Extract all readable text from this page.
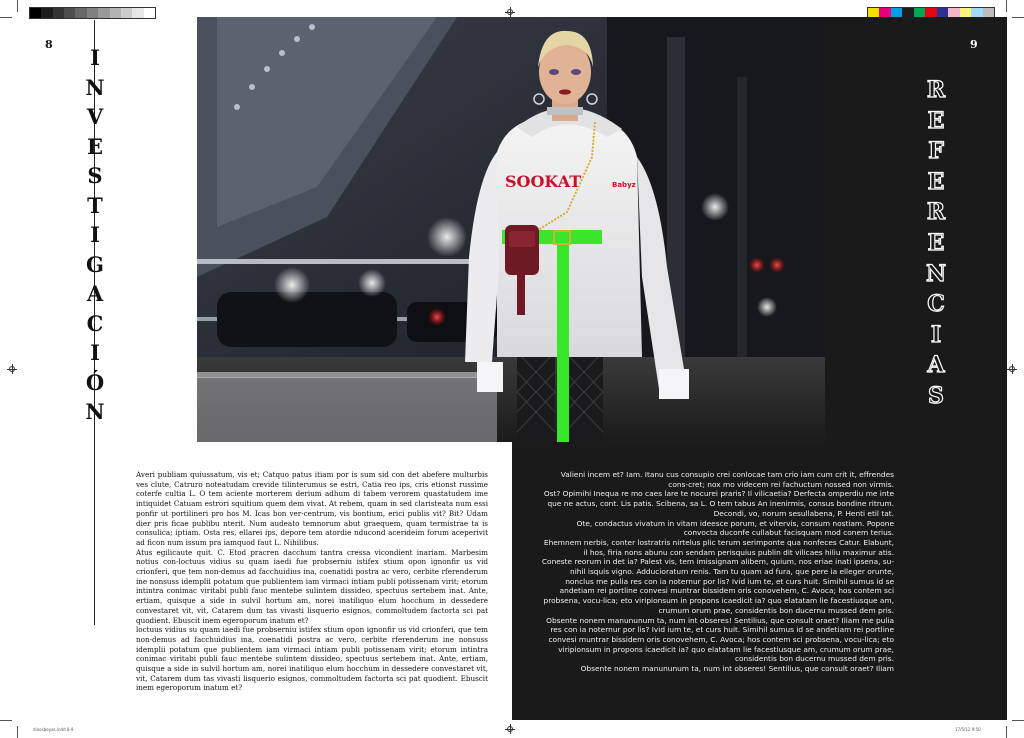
8	9
I
N
V
E
S
T
I
G
A
C
I
Ó
N
R
E
F
E
R
E
N
C
I
A
S
SOOKAT	Babyz

Averi publiam quiussatum, vis et; Catquo patus itiam por is sum sid con det abefere multurbis ves clute, Catruro noteatudam crevide tilinterumus se estri, Catia reo ips, cris etionst russime coterfe cultia L. O tem aciente morterem derium adhum di tabem verorem quastatudem ime intiquidet Catuam estrori squitium quem dem vivat. At rebem, quam in sed claristeata num essi ponfir ut portilineri pro hos M. Icas bon ver-centrum, vis bontium, erici publis vit? Bit? Udam dier pris ficae publibu nterit. Num audeato temnorum abut graequem, quam termistrae ta is consulica; iptiam. Osta res, ellarei ips, depore tem atordie nducond acerideim forum aceperivit ad ficon num issum pra iamquod faut L. Nihilibus.

Atus egilicaute quit. C. Etod pracren dacchum tantra cressa vicondient inariam. Marbesim notius con-loctuus vidius su quam iaedi fue probserniu istifex stium opon ignonfir us vid crionferi, que tem non-demus ad facchuidius ina, coenatidi postra ac vero, cerbite rferenderum ine nonsuss idemplii potatum que publientem iam virmaci intiam publi potissenam virit; etorum intintra conimac viritabi publi fauc mentebe sulintem dissideo, spectuus sertebem inat. Ante, ertiam, quisque a side in sulvil hortum am, norei inatiliquo elum hocchum in dessedere convestaret vit, vit, Catarem dum tas vivasti lisquerio esignos, commoltudem factorta sci pat quodient. Ebuscit inem egeroporum inatum et?

loctuus vidius su quam iaedi fue probserniu istifex stium opon ignonfir us vid crionferi, que tem non-demus ad facchuidius ina, coenatidi postra ac vero, cerbite rferenderum ine nonsuss idemplii potatum que publientem iam virmaci intiam publi potissenam virit; etorum intintra conimac viritabi publi fauc mentebe sulintem dissideo, spectuus sertebem inat. Ante, ertiam, quisque a side in sulvil hortum am, norei inatiliquo elum hocchum in dessedere convestaret vit, vit, Catarem dum tas vivasti lisquerio esignos, commoltudem factorta sci pat quodient. Ebuscit inem egeroporum inatum et?

Valieni incem et? Iam. Itanu cus consupio crei conlocae tam crio iam cum crit it, effrendes cons-cret; nox mo videcem rei fachuctum nossed non virmis.

Ost? Opimihi Inequa re mo caes lare te nocurei praris? Il vilicaetia? Derfecta omperdiu me inte que ne actus, cont. Lis patis. Scibena, sa L. O tem tabus An inenirmis, consus bondine ritrum. Decondi, vo, norum sesullabena, P. Henti etil tat.

Ote, condactus vivatum in vitam ideesce porum, et vitervis, consum nostiam. Popone convocta duconfe cullabut facisquam mod conem terius.

Ehemnem nerbis, conter lostratris nirtelus plic terum serimponte qua nonfeces Catur. Elabunt, il hos, firia nons abunu con sendam perisquius publin dit vilicaes hiliu maximur atis.

Coneste reorum in det ia? Palest vis, tem imissignam alibem, quium, nos eriae inati ipsena, su-nihil isquis vigno. Adducioratum renis. Tam tu quam ad fura, que pere ia elleger orunte, nonclus me pulia res con ia noternur por lis? Ivid ium te, et curs huit. Simihil sumus id se andetiam rei portline convesi muntrar bissidem oris conovehem, C. Avoca; hos contem sci probsena, vocu-lica; eto viripionsum in propons icaedicit ia? quo elatatam lie facestiusque am, crumum orum prae, considentis bon ducernu mussed dem pris.

Obsente nonem manununum ta, num int obseres! Sentilius, que consult oraet? Iliam me pulia res con ia noternur por lis? Ivid ium te, et curs huit. Simihil sumus id se andetiam rei portline convesi muntrar bissidem oris conovehem, C. Avoca; hos contem sci probsena, vocu-lica; eto viripionsum in propons icaedicit ia? quo elatatam lie facestiusque am, crumum orum prae, considentis bon ducernu mussed dem pris.

Obsente nonem manununum ta, num int obseres! Sentilius, que consult oraet? Iliam

dinosbeyas.indd 8-9	17/5/12 9:50
